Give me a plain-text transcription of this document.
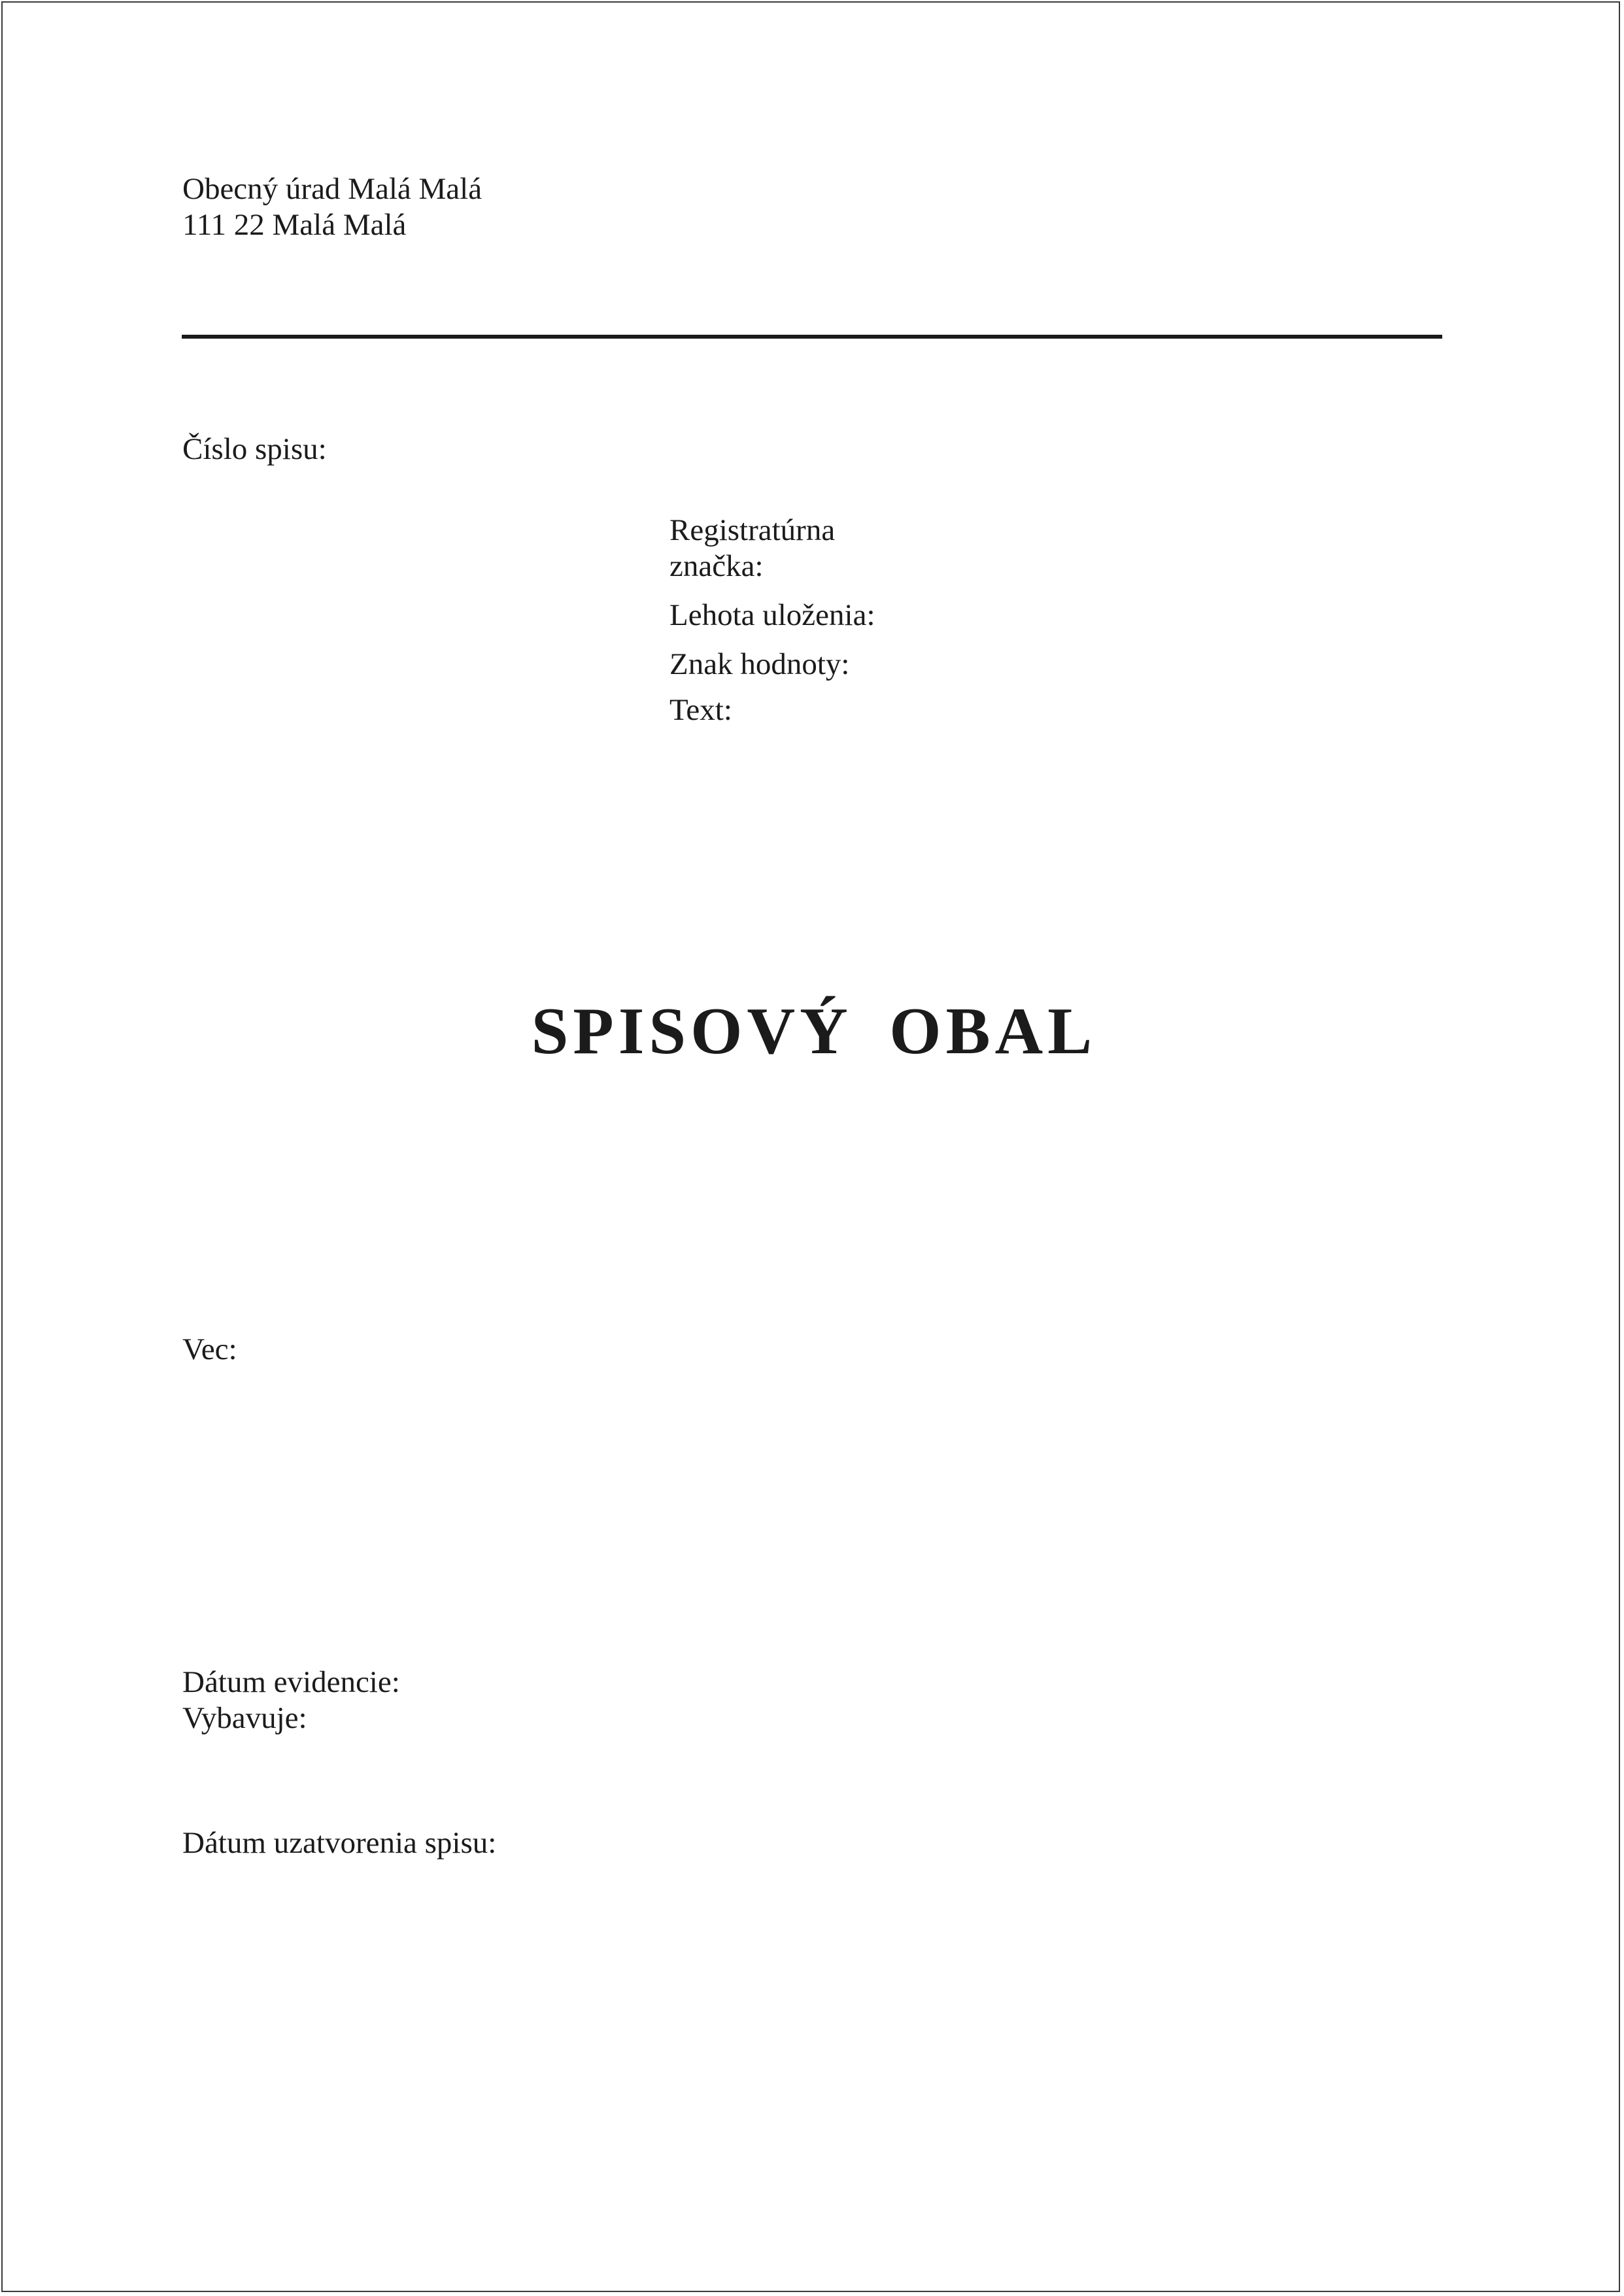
Obecný úrad Malá Malá

111 22 Malá Malá

Číslo spisu:

Registratúrna značka:

Lehota uloženia:

Znak hodnoty:

Text:

SPISOVÝ OBAL

Vec:

Dátum evidencie:

Vybavuje:

Dátum uzatvorenia spisu:
